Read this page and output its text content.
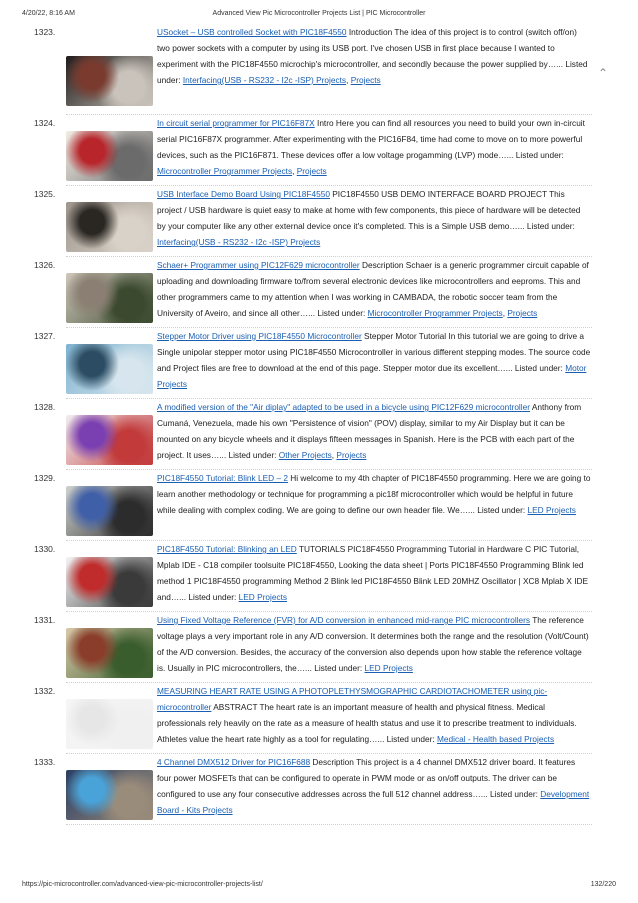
4/20/22, 8:16 AM	Advanced View Pic Microcontroller Projects List | PIC Microcontroller
⌃
1323.	USocket – USB controlled Socket with PIC18F4550 Introduction The idea of this project is to control (switch off/on) two power sockets with a computer by using its USB port. I've chosen USB in first place because I wanted to experiment with the PIC18F4550 microchip's microcontroller, and secondly because the power supplied by…... Listed under: Interfacing(USB - RS232 - I2c -ISP) Projects, Projects
1324.	In circuit serial programmer for PIC16F87X Intro Here you can find all resources you need to build your own in-circuit serial PIC16F87X programmer. After experimenting with the PIC16F84, time had come to move on to more powerful devices, such as the PIC16F871. These devices offer a low voltage progamming (LVP) mode…... Listed under: Microcontroller Programmer Projects, Projects
1325.	USB Interface Demo Board Using PIC18F4550 PIC18F4550 USB DEMO INTERFACE BOARD PROJECT This project / USB hardware is quiet easy to make at home with few components, this piece of hardware will be detected by your computer like any other external device once it's completed. This is a Simple USB demo…... Listed under: Interfacing(USB - RS232 - I2c -ISP) Projects
1326.	Schaer+ Programmer using PIC12F629 microcontroller Description Schaer is a generic programmer circuit capable of uploading and downloading firmware to/from several electronic devices like microcontrollers and eeproms. This and other programmers came to my attention when I was working in CAMBADA, the robotic soccer team from the University of Aveiro, and since all other…... Listed under: Microcontroller Programmer Projects, Projects
1327.	Stepper Motor Driver using PIC18F4550 Microcontroller Stepper Motor Tutorial In this tutorial we are going to drive a Single unipolar stepper motor using PIC18F4550 Microcontroller in various different stepping modes. The source code and Project files are free to download at the end of this page. Stepper motor due its excellent…... Listed under: Motor Projects
1328.	A modified version of the "Air diplay" adapted to be used in a bicycle using PIC12F629 microcontroller Anthony from Cumaná, Venezuela, made his own "Persistence of vision" (POV) display, similar to my Air Display but it can be mounted on any bicycle wheels and it displays fifteen messages in Spanish. Here is the PCB with each part of the project. It uses…... Listed under: Other Projects, Projects
1329.	PIC18F4550 Tutorial: Blink LED – 2 Hi welcome to my 4th chapter of PIC18F4550 programming. Here we are going to learn another methodology or technique for programming a pic18f microcontroller which would be helpful in future while dealing with complex coding. We are going to define our own header file. We…... Listed under: LED Projects
1330.	PIC18F4550 Tutorial: Blinking an LED TUTORIALS PIC18F4550 Programming Tutorial in Hardware C PIC Tutorial, Mplab IDE - C18 compiler toolsuite PIC18F4550, Looking the data sheet | Ports PIC18F4550 Programming Blink led method 1 PIC18F4550 programming Method 2 Blink led PIC18F4550 Blink LED 20MHZ Oscillator | XC8 Mplab X IDE and…... Listed under: LED Projects
1331.	Using Fixed Voltage Reference (FVR) for A/D conversion in enhanced mid-range PIC microcontrollers The reference voltage plays a very important role in any A/D conversion. It determines both the range and the resolution (Volt/Count) of the A/D conversion. Besides, the accuracy of the conversion also depends upon how stable the reference voltage is. Usually in PIC microcontrollers, the…... Listed under: LED Projects
1332.	MEASURING HEART RATE USING A PHOTOPLETHYSMOGRAPHIC CARDIOTACHOMETER using pic-microcontroller ABSTRACT The heart rate is an important measure of health and physical fitness. Medical professionals rely heavily on the rate as a measure of health status and use it to prescribe treatment to individuals. Athletes value the heart rate highly as a tool for regulating…... Listed under: Medical - Health based Projects
1333.	4 Channel DMX512 Driver for PIC16F688 Description This project is a 4 channel DMX512 driver board. It features four power MOSFETs that can be configured to operate in PWM mode or as on/off outputs. The driver can be configured to use any four consecutive addresses across the full 512 channel address…... Listed under: Development Board - Kits Projects
https://pic-microcontroller.com/advanced-view-pic-microcontroller-projects-list/	132/220
